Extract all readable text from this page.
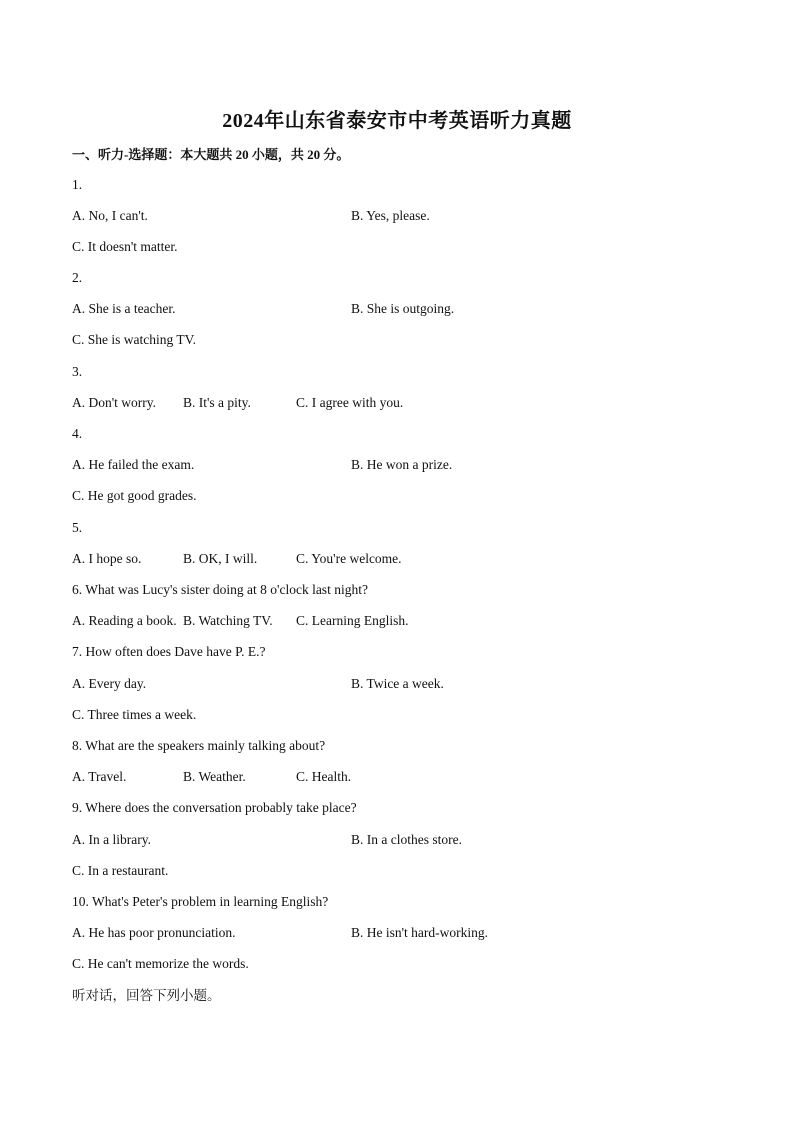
2024年山东省泰安市中考英语听力真题
一、听力-选择题：本大题共 20 小题，共 20 分。
1.
A. No, I can't.	B. Yes, please.
C. It doesn't matter.
2.
A. She is a teacher.	B. She is outgoing.
C. She is watching TV.
3.
A. Don't worry. B. It's a pity.	C. I agree with you.
4.
A. He failed the exam.	B. He won a prize.
C. He got good grades.
5.
A. I hope so.	B. OK, I will.	C. You're welcome.
6. What was Lucy's sister doing at 8 o'clock last night?
A. Reading a book. B. Watching TV. C. Learning English.
7. How often does Dave have P. E.?
A. Every day.	B. Twice a week.
C. Three times a week.
8. What are the speakers mainly talking about?
A. Travel.	B. Weather.	C. Health.
9. Where does the conversation probably take place?
A. In a library.	B. In a clothes store.
C. In a restaurant.
10. What's Peter's problem in learning English?
A. He has poor pronunciation.	B. He isn't hard-working.
C. He can't memorize the words.
听对话，回答下列小题。
